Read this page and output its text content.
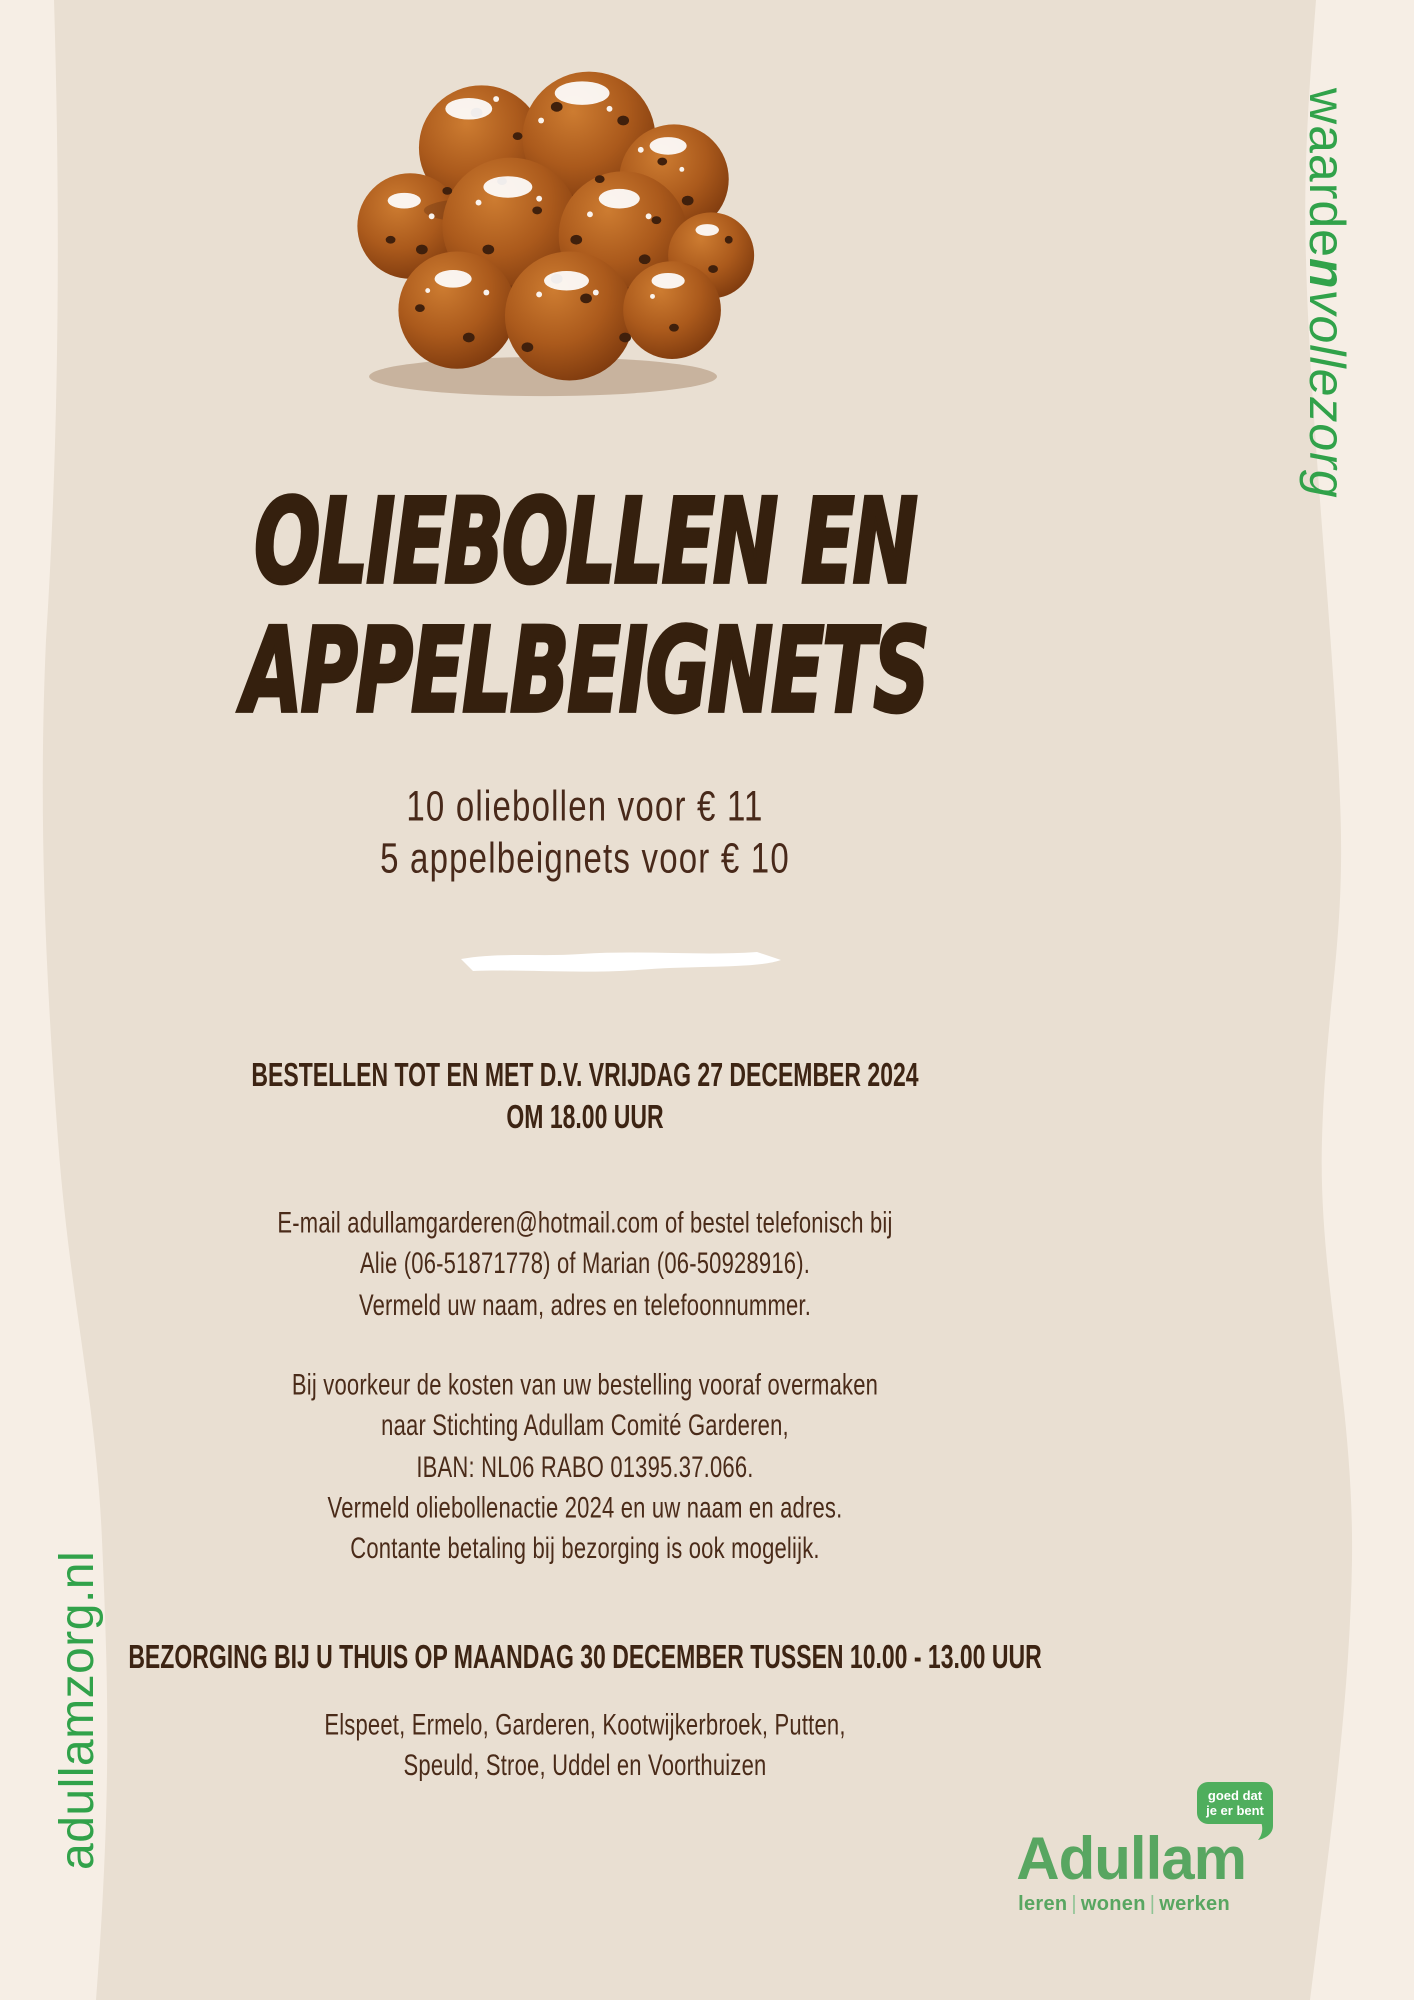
OLIEBOLLEN EN
APPELBEIGNETS
10 oliebollen voor € 11
5 appelbeignets voor € 10
BESTELLEN TOT EN MET D.V. VRIJDAG 27 DECEMBER 2024
OM 18.00 UUR
E-mail adullamgarderen@hotmail.com of bestel telefonisch bij
Alie (06-51871778) of Marian (06-50928916).
Vermeld uw naam, adres en telefoonnummer.
Bij voorkeur de kosten van uw bestelling vooraf overmaken
naar Stichting Adullam Comité Garderen,
IBAN: NL06 RABO 01395.37.066.
Vermeld oliebollenactie 2024 en uw naam en adres.
Contante betaling bij bezorging is ook mogelijk.
BEZORGING BIJ U THUIS OP MAANDAG 30 DECEMBER TUSSEN 10.00 - 13.00 UUR
Elspeet, Ermelo, Garderen, Kootwijkerbroek, Putten,
Speuld, Stroe, Uddel en Voorthuizen
waardenvollezorg
adullamzorg.nl	goed dat
je er bent
Adullam
leren | wonen | werken
